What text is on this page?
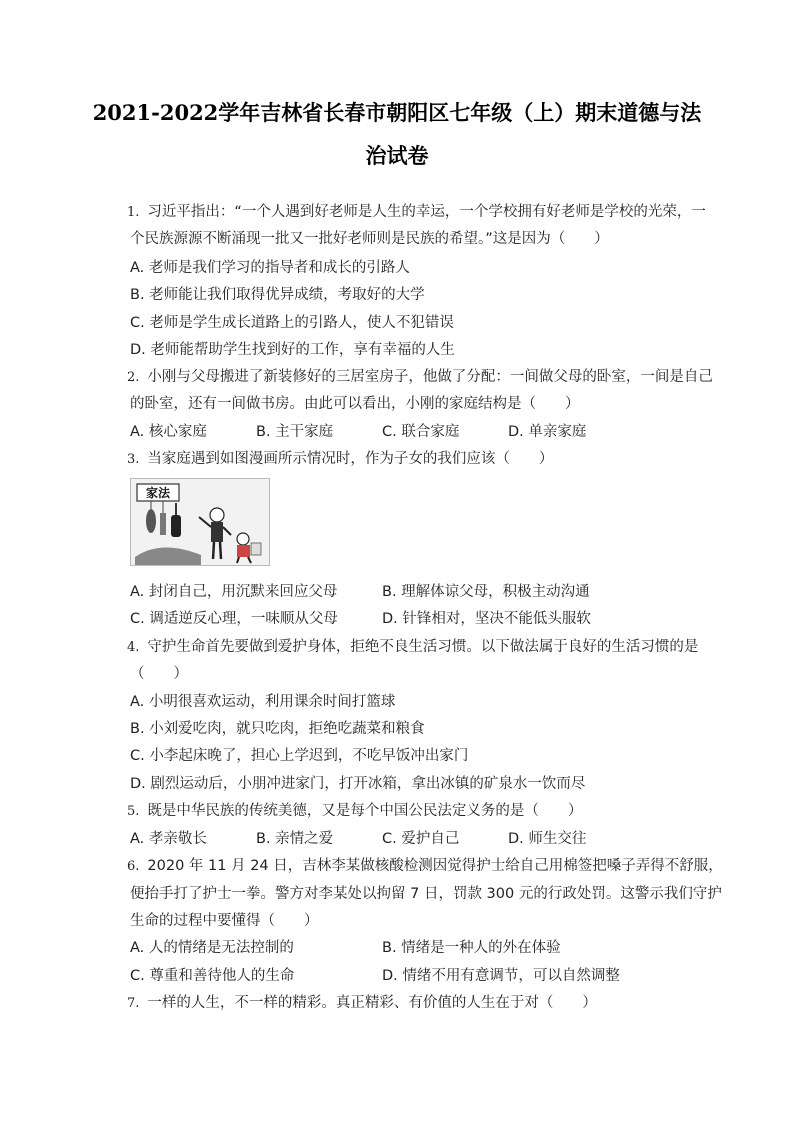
2021-2022学年吉林省长春市朝阳区七年级（上）期末道德与法
治试卷
1. 习近平指出：“一个人遇到好老师是人生的幸运，一个学校拥有好老师是学校的光荣，一
个民族源源不断涌现一批又一批好老师则是民族的希望。”这是因为（　　）
A. 老师是我们学习的指导者和成长的引路人
B. 老师能让我们取得优异成绩，考取好的大学
C. 老师是学生成长道路上的引路人，使人不犯错误
D. 老师能帮助学生找到好的工作，享有幸福的人生
2. 小刚与父母搬进了新装修好的三居室房子，他做了分配：一间做父母的卧室，一间是自己
的卧室，还有一间做书房。由此可以看出，小刚的家庭结构是（　　）
A. 核心家庭	B. 主干家庭	C. 联合家庭	D. 单亲家庭
3. 当家庭遇到如图漫画所示情况时，作为子女的我们应该（　　）
家法
A. 封闭自己，用沉默来回应父母	B. 理解体谅父母，积极主动沟通
C. 调适逆反心理，一味顺从父母	D. 针锋相对，坚决不能低头服软
4. 守护生命首先要做到爱护身体，拒绝不良生活习惯。以下做法属于良好的生活习惯的是
（　　）
A. 小明很喜欢运动，利用课余时间打篮球
B. 小刘爱吃肉，就只吃肉，拒绝吃蔬菜和粮食
C. 小李起床晚了，担心上学迟到，不吃早饭冲出家门
D. 剧烈运动后，小朋冲进家门，打开冰箱，拿出冰镇的矿泉水一饮而尽
5. 既是中华民族的传统美德，又是每个中国公民法定义务的是（　　）
A. 孝亲敬长	B. 亲情之爱	C. 爱护自己	D. 师生交往
6. 2020 年 11 月 24 日，吉林李某做核酸检测因觉得护士给自己用棉签把嗓子弄得不舒服，
便抬手打了护士一拳。警方对李某处以拘留 7 日，罚款 300 元的行政处罚。这警示我们守护
生命的过程中要懂得（　　）
A. 人的情绪是无法控制的	B. 情绪是一种人的外在体验
C. 尊重和善待他人的生命	D. 情绪不用有意调节，可以自然调整
7. 一样的人生，不一样的精彩。真正精彩、有价值的人生在于对（　　）
